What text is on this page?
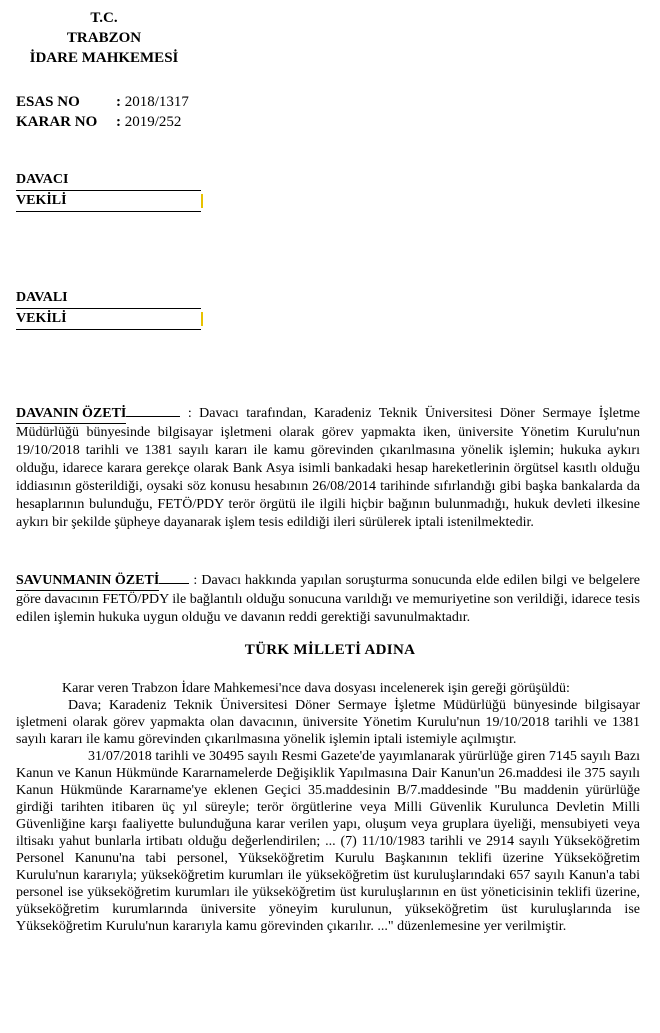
T.C.
TRABZON
İDARE MAHKEMESİ
ESAS NO : 2018/1317
KARAR NO : 2019/252
DAVACI
VEKİLİ
DAVALI
VEKİLİ

DAVANIN ÖZETİ	: Davacı tarafından, Karadeniz Teknik Üniversitesi Döner Sermaye İşletme Müdürlüğü bünyesinde bilgisayar işletmeni olarak görev yapmakta iken, üniversite Yönetim Kurulu'nun 19/10/2018 tarihli ve 1381 sayılı kararı ile kamu görevinden çıkarılmasına yönelik işlemin; hukuka aykırı olduğu, idarecе karara gerekçe olarak Bank Asya isimli bankadaki hesap hareketlerinin örgütsel kasıtlı olduğu iddiasının gösterildiği, oysaki söz konusu hesabının 26/08/2014 tarihinde sıfırlandığı gibi başka bankalarda da hesaplarının bulunduğu, FETÖ/PDY terör örgütü ile ilgili hiçbir bağının bulunmadığı, hukuk devleti ilkesine aykırı bir şekilde şüpheye dayanarak işlem tesis edildiği ileri sürülerek iptali istenilmektedir.

SAVUNMANIN ÖZETİ : Davacı hakkında yapılan soruşturma sonucunda elde edilen bilgi ve belgelere göre davacının FETÖ/PDY ile bağlantılı olduğu sonucuna varıldığı ve memuriyetine son verildiği, idarece tesis edilen işlemin hukuka uygun olduğu ve davanın reddi gerektiği savunulmaktadır.

TÜRK MİLLETİ ADINA

Karar veren Trabzon İdare Mahkemesi'nce dava dosyası incelenerek işin gereği görüşüldü:

Dava; Karadeniz Teknik Üniversitesi Döner Sermaye İşletme Müdürlüğü bünyesinde bilgisayar işletmeni olarak görev yapmakta olan davacının, üniversite Yönetim Kurulu'nun 19/10/2018 tarihli ve 1381 sayılı kararı ile kamu görevinden çıkarılmasına yönelik işlemin iptali istemiyle açılmıştır.

31/07/2018 tarihli ve 30495 sayılı Resmi Gazete'de yayımlanarak yürürlüğe giren 7145 sayılı Bazı Kanun ve Kanun Hükmünde Kararnamelerde Değişiklik Yapılmasına Dair Kanun'un 26.maddesi ile 375 sayılı Kanun Hükmünde Kararname'ye eklenen Geçici 35.maddesinin B/7.maddesinde "Bu maddenin yürürlüğe girdiği tarihten itibaren üç yıl süreyle; terör örgütlerine veya Milli Güvenlik Kurulunca Devletin Milli Güvenliğine karşı faaliyette bulunduğuna karar verilen yapı, oluşum veya gruplara üyeliği, mensubiyeti veya iltisakı yahut bunlarla irtibatı olduğu değerlendirilen; ... (7) 11/10/1983 tarihli ve 2914 sayılı Yükseköğretim Personel Kanunu'na tabi personel, Yükseköğretim Kurulu Başkanının teklifi üzerine Yükseköğretim Kurulu'nun kararıyla; yükseköğretim kurumları ile yükseköğretim üst kuruluşlarındaki 657 sayılı Kanun'a tabi personel ise yükseköğretim kurumları ile yükseköğretim üst kuruluşlarının en üst yöneticisinin teklifi üzerine, yükseköğretim kurumlarında üniversite yöneyim kurulunun, yükseköğretim üst kuruluşlarında ise Yükseköğretim Kurulu'nun kararıyla kamu görevinden çıkarılır. ..." düzenlemesine yer verilmiştir.
